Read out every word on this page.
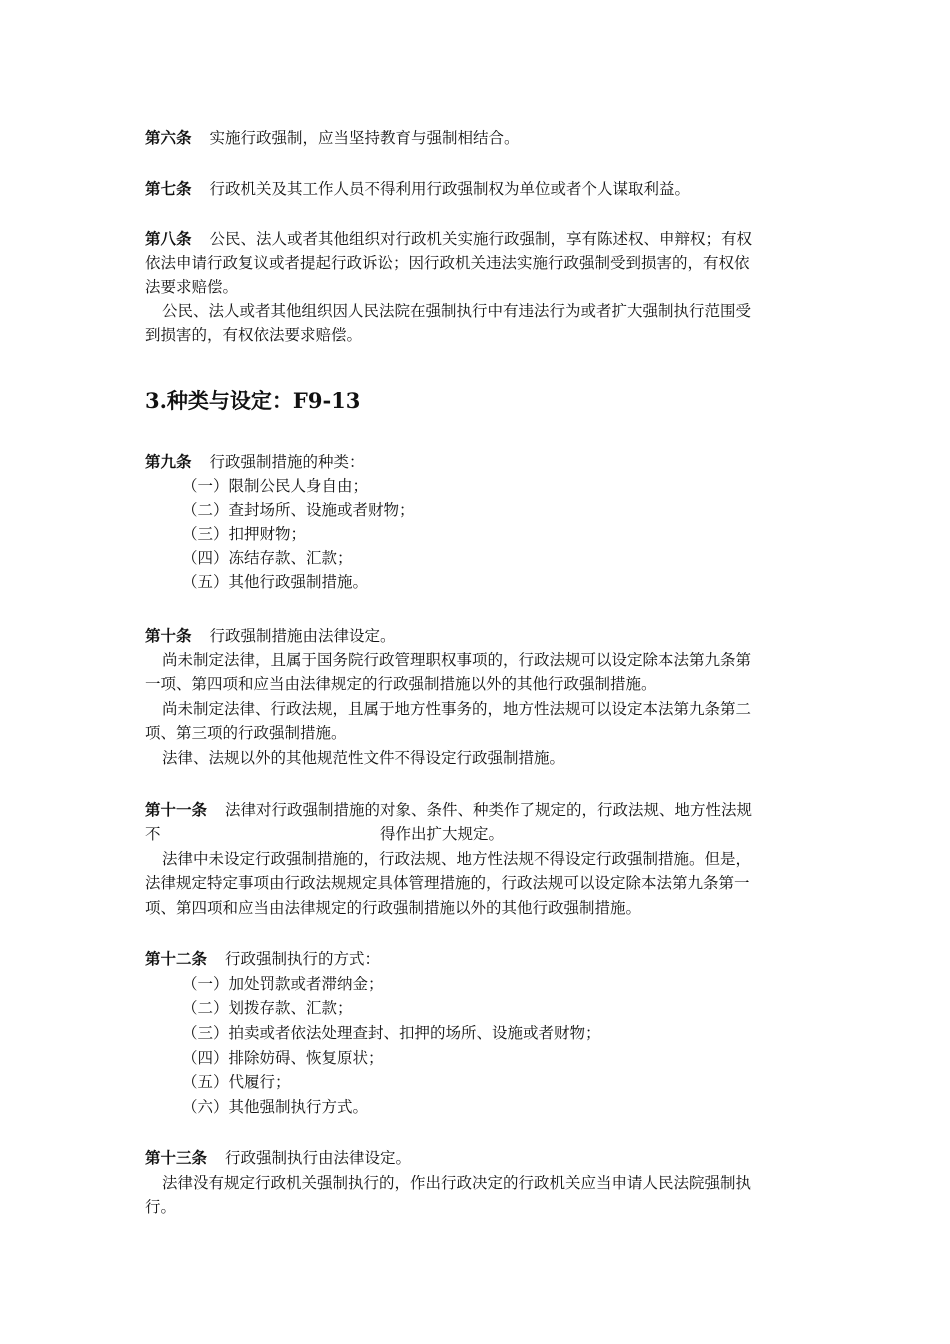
第六条 实施行政强制，应当坚持教育与强制相结合。
第七条 行政机关及其工作人员不得利用行政强制权为单位或者个人谋取利益。
第八条 公民、法人或者其他组织对行政机关实施行政强制，享有陈述权、申辩权；有权
依法申请行政复议或者提起行政诉讼；因行政机关违法实施行政强制受到损害的，有权依
法要求赔偿。
公民、法人或者其他组织因人民法院在强制执行中有违法行为或者扩大强制执行范围受
到损害的，有权依法要求赔偿。
3.种类与设定：F9-13
第九条 行政强制措施的种类：
（一）限制公民人身自由；
（二）查封场所、设施或者财物；
（三）扣押财物；
（四）冻结存款、汇款；
（五）其他行政强制措施。
第十条 行政强制措施由法律设定。
尚未制定法律，且属于国务院行政管理职权事项的，行政法规可以设定除本法第九条第
一项、第四项和应当由法律规定的行政强制措施以外的其他行政强制措施。
尚未制定法律、行政法规，且属于地方性事务的，地方性法规可以设定本法第九条第二
项、第三项的行政强制措施。
法律、法规以外的其他规范性文件不得设定行政强制措施。
第十一条 法律对行政强制措施的对象、条件、种类作了规定的，行政法规、地方性法规
不	得作出扩大规定。
法律中未设定行政强制措施的，行政法规、地方性法规不得设定行政强制措施。但是，
法律规定特定事项由行政法规规定具体管理措施的，行政法规可以设定除本法第九条第一
项、第四项和应当由法律规定的行政强制措施以外的其他行政强制措施。
第十二条 行政强制执行的方式：
（一）加处罚款或者滞纳金；
（二）划拨存款、汇款；
（三）拍卖或者依法处理查封、扣押的场所、设施或者财物；
（四）排除妨碍、恢复原状；
（五）代履行；
（六）其他强制执行方式。
第十三条 行政强制执行由法律设定。
法律没有规定行政机关强制执行的，作出行政决定的行政机关应当申请人民法院强制执
行。
